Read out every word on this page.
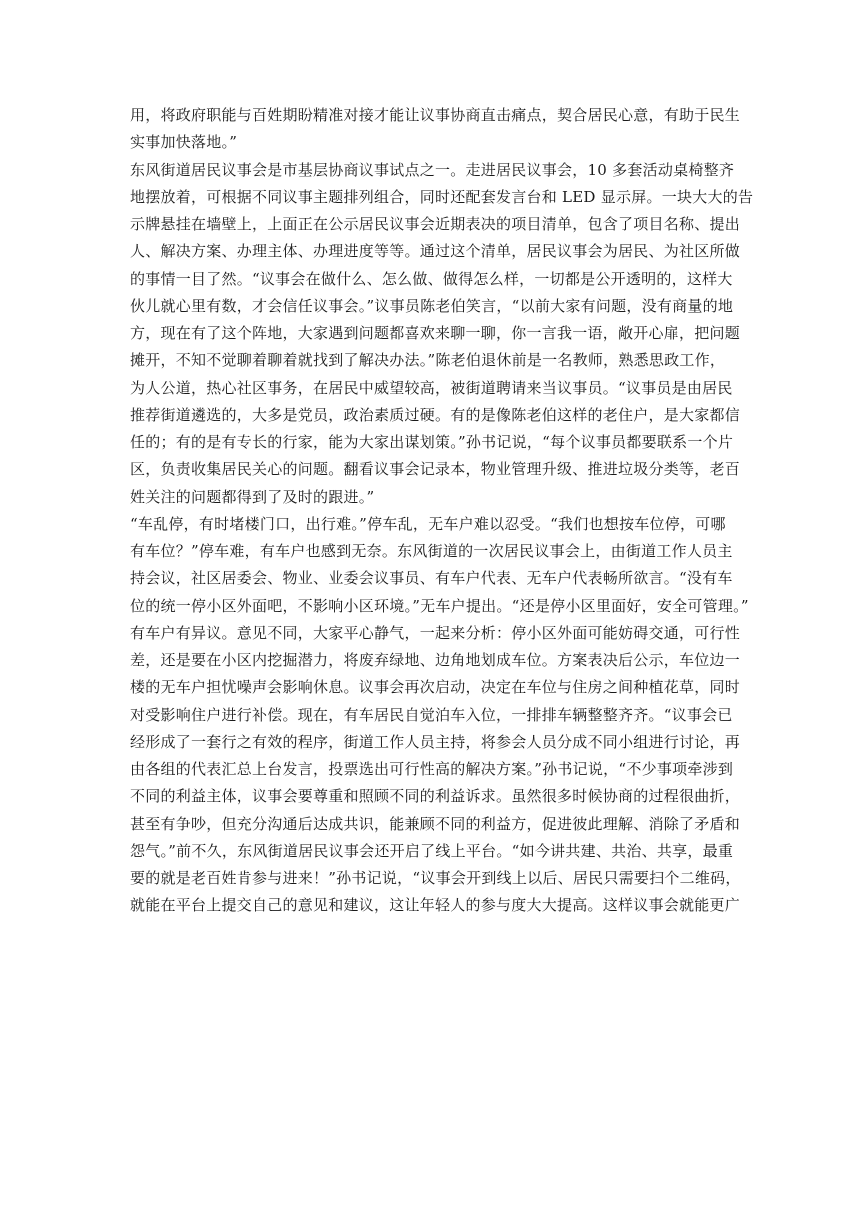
用，将政府职能与百姓期盼精准对接才能让议事协商直击痛点，契合居民心意，有助于民生
实事加快落地。”
东风街道居民议事会是市基层协商议事试点之一。走进居民议事会，10 多套活动桌椅整齐
地摆放着，可根据不同议事主题排列组合，同时还配套发言台和 LED 显示屏。一块大大的告
示牌悬挂在墙壁上，上面正在公示居民议事会近期表决的项目清单，包含了项目名称、提出
人、解决方案、办理主体、办理进度等等。通过这个清单，居民议事会为居民、为社区所做
的事情一目了然。“议事会在做什么、怎么做、做得怎么样，一切都是公开透明的，这样大
伙儿就心里有数，才会信任议事会。”议事员陈老伯笑言，“以前大家有问题，没有商量的地
方，现在有了这个阵地，大家遇到问题都喜欢来聊一聊，你一言我一语，敞开心扉，把问题
摊开，不知不觉聊着聊着就找到了解决办法。”陈老伯退休前是一名教师，熟悉思政工作，
为人公道，热心社区事务，在居民中威望较高，被街道聘请来当议事员。“议事员是由居民
推荐街道遴选的，大多是党员，政治素质过硬。有的是像陈老伯这样的老住户，是大家都信
任的；有的是有专长的行家，能为大家出谋划策。”孙书记说，“每个议事员都要联系一个片
区，负责收集居民关心的问题。翻看议事会记录本，物业管理升级、推进垃圾分类等，老百
姓关注的问题都得到了及时的跟进。”
“车乱停，有时堵楼门口，出行难。”停车乱，无车户难以忍受。“我们也想按车位停，可哪
有车位？”停车难，有车户也感到无奈。东风街道的一次居民议事会上，由街道工作人员主
持会议，社区居委会、物业、业委会议事员、有车户代表、无车户代表畅所欲言。“没有车
位的统一停小区外面吧，不影响小区环境。”无车户提出。“还是停小区里面好，安全可管理。”
有车户有异议。意见不同，大家平心静气，一起来分析：停小区外面可能妨碍交通，可行性
差，还是要在小区内挖掘潜力，将废弃绿地、边角地划成车位。方案表决后公示，车位边一
楼的无车户担忧噪声会影响休息。议事会再次启动，决定在车位与住房之间种植花草，同时
对受影响住户进行补偿。现在，有车居民自觉泊车入位，一排排车辆整整齐齐。“议事会已
经形成了一套行之有效的程序，街道工作人员主持，将参会人员分成不同小组进行讨论，再
由各组的代表汇总上台发言，投票选出可行性高的解决方案。”孙书记说，“不少事项牵涉到
不同的利益主体，议事会要尊重和照顾不同的利益诉求。虽然很多时候协商的过程很曲折，
甚至有争吵，但充分沟通后达成共识，能兼顾不同的利益方，促进彼此理解、消除了矛盾和
怨气。”前不久，东风街道居民议事会还开启了线上平台。“如今讲共建、共治、共享，最重
要的就是老百姓肯参与进来！”孙书记说，“议事会开到线上以后、居民只需要扫个二维码，
就能在平台上提交自己的意见和建议，这让年轻人的参与度大大提高。这样议事会就能更广
